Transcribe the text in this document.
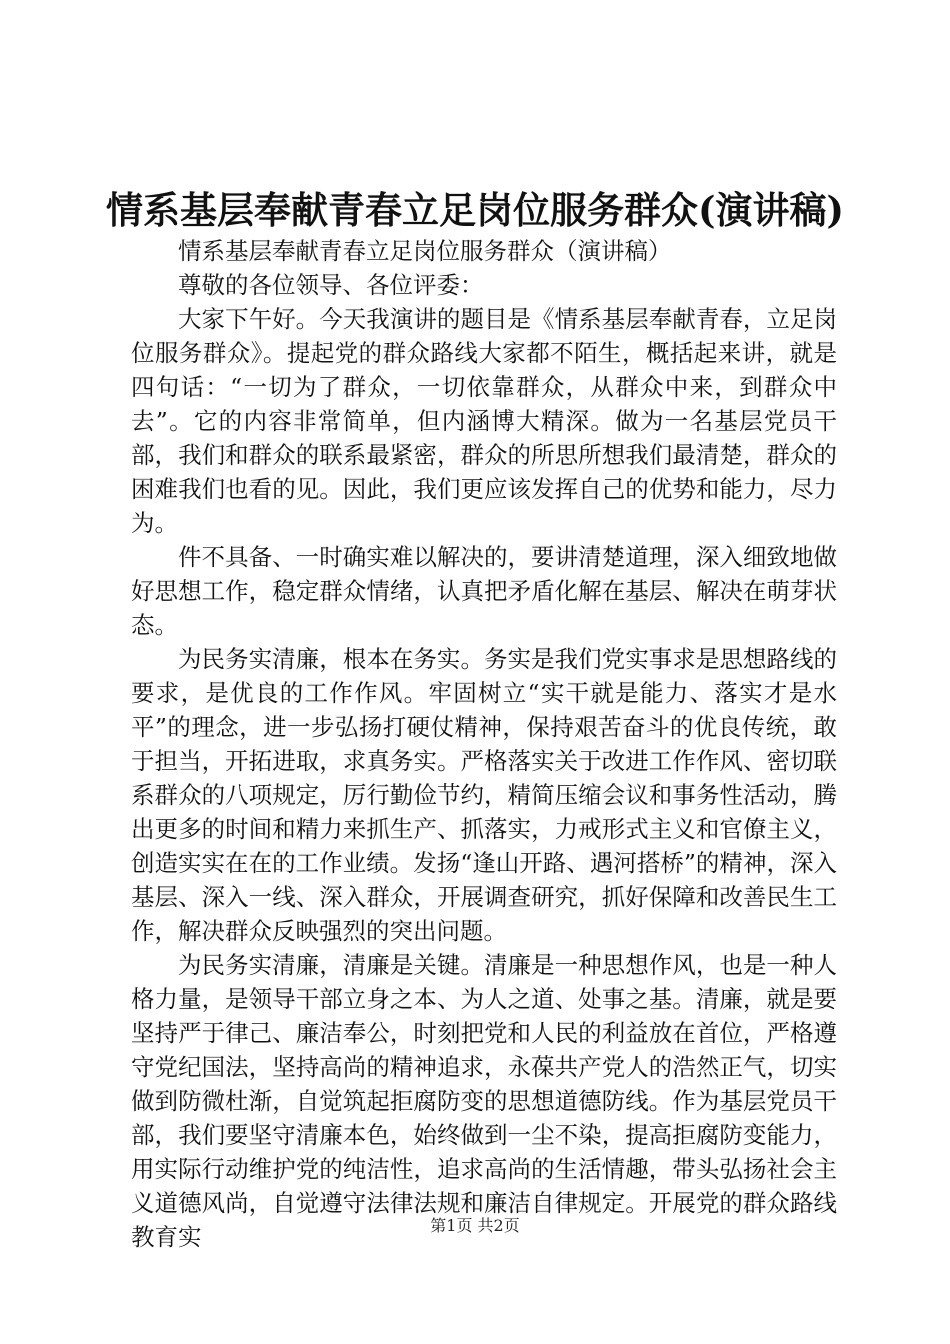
情系基层奉献青春立足岗位服务群众(演讲稿)

情系基层奉献青春立足岗位服务群众（演讲稿）

尊敬的各位领导、各位评委：

大家下午好。今天我演讲的题目是《情系基层奉献青春，立足岗位服务群众》。提起党的群众路线大家都不陌生，概括起来讲，就是四句话：“一切为了群众，一切依靠群众，从群众中来，到群众中去”。它的内容非常简单，但内涵博大精深。做为一名基层党员干部，我们和群众的联系最紧密，群众的所思所想我们最清楚，群众的困难我们也看的见。因此，我们更应该发挥自己的优势和能力，尽力为。

件不具备、一时确实难以解决的，要讲清楚道理，深入细致地做好思想工作，稳定群众情绪，认真把矛盾化解在基层、解决在萌芽状态。

为民务实清廉，根本在务实。务实是我们党实事求是思想路线的要求，是优良的工作作风。牢固树立“实干就是能力、落实才是水平”的理念，进一步弘扬打硬仗精神，保持艰苦奋斗的优良传统，敢于担当，开拓进取，求真务实。严格落实关于改进工作作风、密切联系群众的八项规定，厉行勤俭节约，精简压缩会议和事务性活动，腾出更多的时间和精力来抓生产、抓落实，力戒形式主义和官僚主义，创造实实在在的工作业绩。发扬“逢山开路、遇河搭桥”的精神，深入基层、深入一线、深入群众，开展调查研究，抓好保障和改善民生工作，解决群众反映强烈的突出问题。

为民务实清廉，清廉是关键。清廉是一种思想作风，也是一种人格力量，是领导干部立身之本、为人之道、处事之基。清廉，就是要坚持严于律己、廉洁奉公，时刻把党和人民的利益放在首位，严格遵守党纪国法，坚持高尚的精神追求，永葆共产党人的浩然正气，切实做到防微杜渐，自觉筑起拒腐防变的思想道德防线。作为基层党员干部，我们要坚守清廉本色，始终做到一尘不染，提高拒腐防变能力，用实际行动维护党的纯洁性，追求高尚的生活情趣，带头弘扬社会主义道德风尚，自觉遵守法律法规和廉洁自律规定。开展党的群众路线教育实	第1页 共2页
